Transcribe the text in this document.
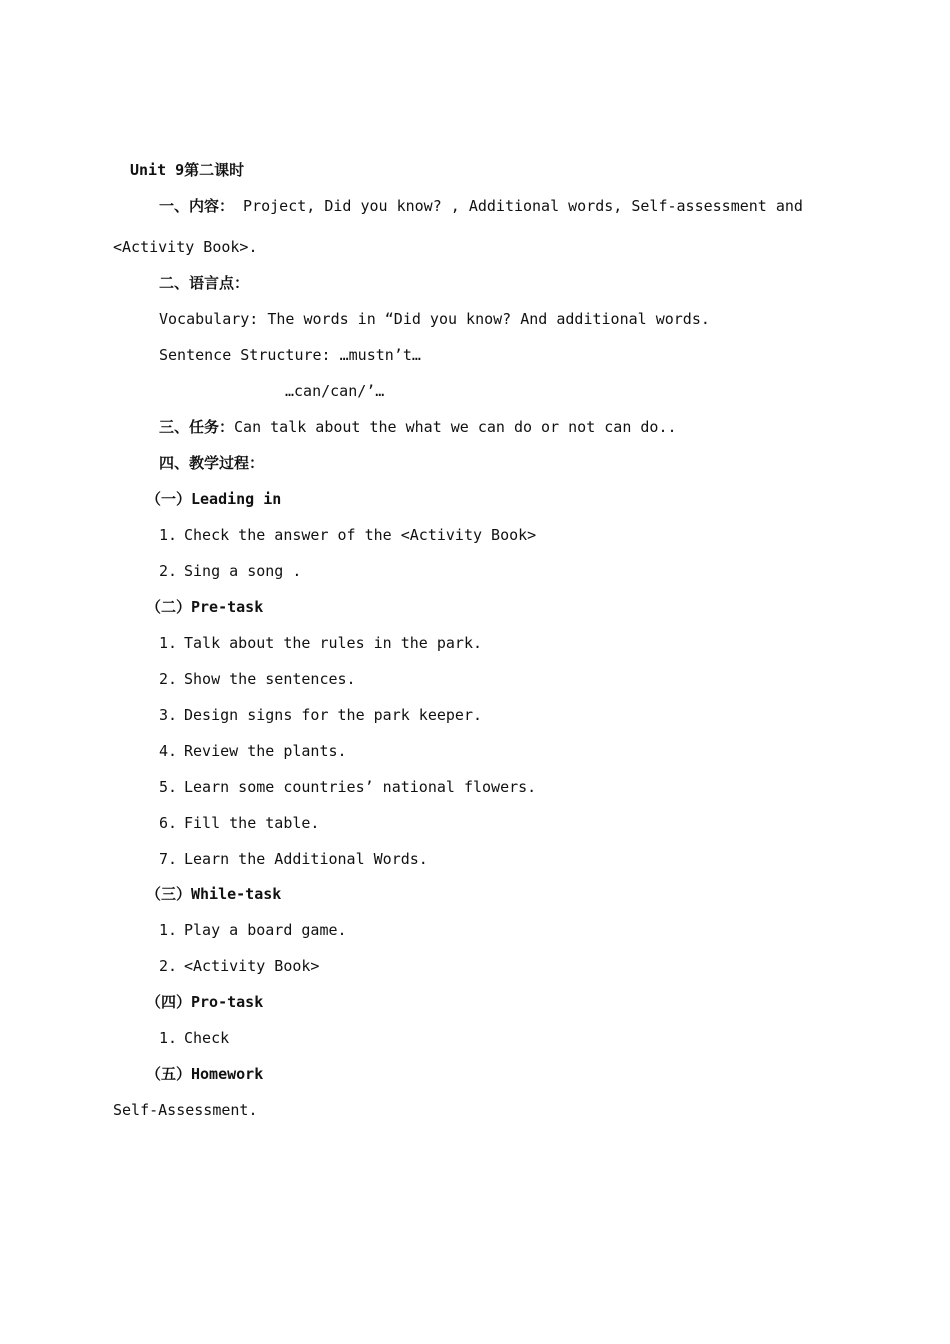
Unit 9第二课时
一、内容： Project, Did you know? , Additional words, Self-assessment and
<Activity Book>.
二、语言点：
Vocabulary: The words in “Did you know? And additional words.
Sentence Structure: …mustn’t…
…can/can/’…
三、任务：Can talk about the what we can do or not can do..
四、教学过程：
（一）Leading in
1. Check the answer of the <Activity Book>
2. Sing a song .
（二）Pre-task
1. Talk about the rules in the park.
2. Show the sentences.
3. Design signs for the park keeper.
4. Review the plants.
5. Learn some countries’ national flowers.
6. Fill the table.
7. Learn the Additional Words.
（三）While-task
1. Play a board game.
2. <Activity Book>
（四）Pro-task
1. Check
（五）Homework
Self-Assessment.
